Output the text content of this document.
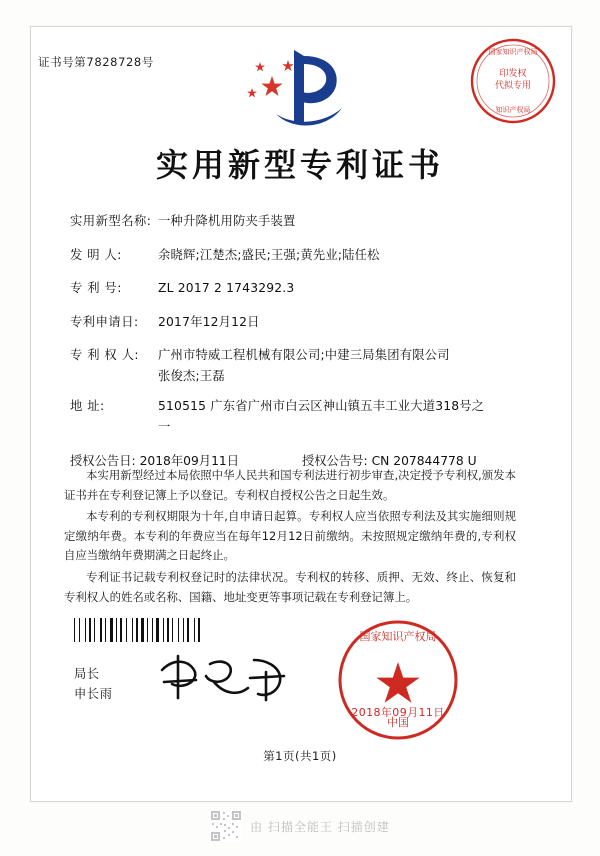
证书号第7828728号
印发权
代拟专用
国家知识产权局
知识产权局
实用新型专利证书
实用新型名称: 一种升降机用防夹手装置
发 明 人:	余晓辉;江楚杰;盛民;王强;黄先业;陆任松
专 利 号:	ZL 2017 2 1743292.3
专利申请日:	2017年12月12日
专 利 权 人:	广州市特威工程机械有限公司;中建三局集团有限公司
张俊杰;王磊
地 址:	510515 广东省广州市白云区神山镇五丰工业大道318号之
一
授权公告日: 2018年09月11日	授权公告号: CN 207844778 U

本实用新型经过本局依照中华人民共和国专利法进行初步审查,决定授予专利权,颁发本证书并在专利登记簿上予以登记。专利权自授权公告之日起生效。

本专利的专利权期限为十年,自申请日起算。专利权人应当依照专利法及其实施细则规定缴纳年费。本专利的年费应当在每年12月12日前缴纳。未按照规定缴纳年费的,专利权自应当缴纳年费期满之日起终止。

专利证书记载专利权登记时的法律状况。专利权的转移、质押、无效、终止、恢复和专利权人的姓名或名称、国籍、地址变更等事项记载在专利登记簿上。

局长
申长雨
国家知识产权局
中国
2018年09月11日
第1页(共1页)
由 扫描全能王 扫描创建
